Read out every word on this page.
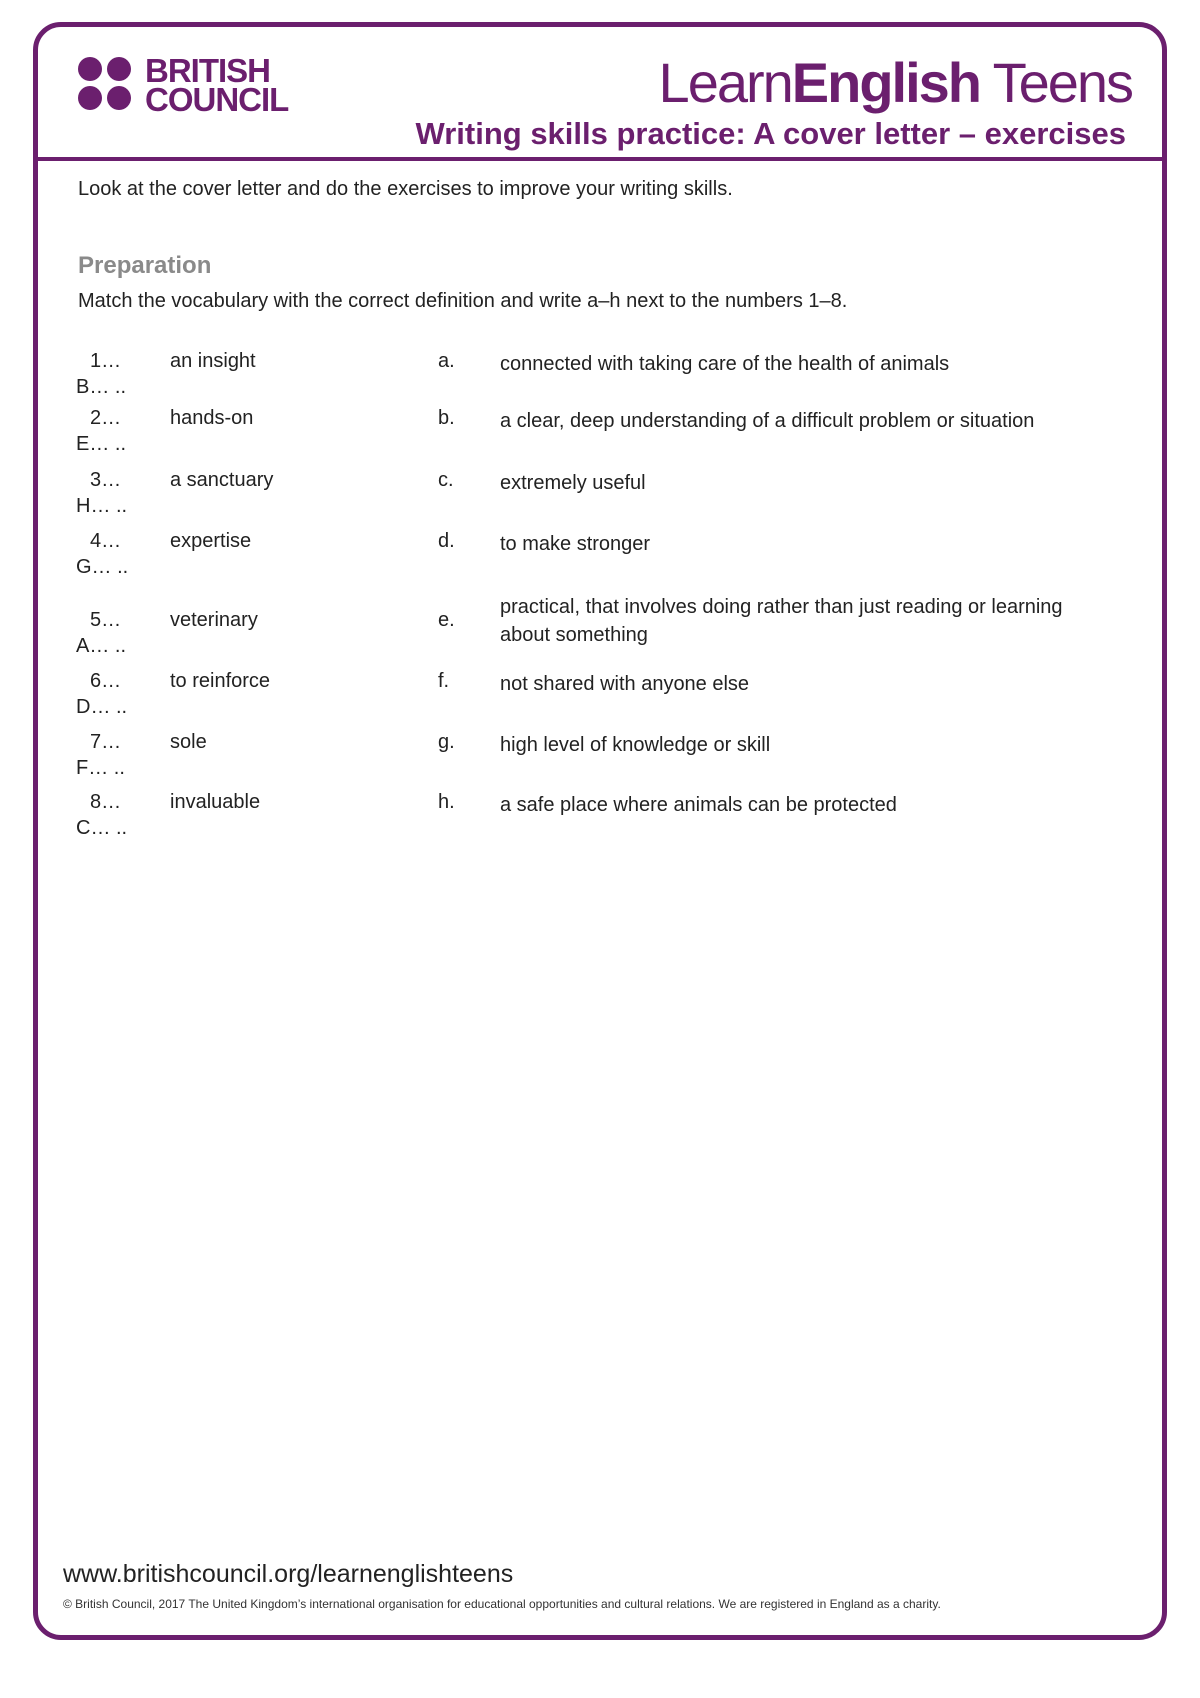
BRITISH
COUNCIL	LearnEnglish Teens
Writing skills practice: A cover letter – exercises
Look at the cover letter and do the exercises to improve your writing skills.
Preparation
Match the vocabulary with the correct definition and write a–h next to the numbers 1–8.
1…
B… ..
an insight	a. connected with taking care of the health of animals
2…
E… ..
hands-on	b. a clear, deep understanding of a difficult problem or situation
3…
H… ..
a sanctuary	c. extremely useful
4…
G… ..
expertise	d. to make stronger
5…
A… ..
veterinary	e.
practical, that involves doing rather than just reading or learning about something
6…
D… ..
to reinforce	f.	not shared with anyone else
7…
F… ..
sole	g. high level of knowledge or skill
8…
C… ..
invaluable	h. a safe place where animals can be protected
www.britishcouncil.org/learnenglishteens
© British Council, 2017 The United Kingdom’s international organisation for educational opportunities and cultural relations. We are registered in England as a charity.
